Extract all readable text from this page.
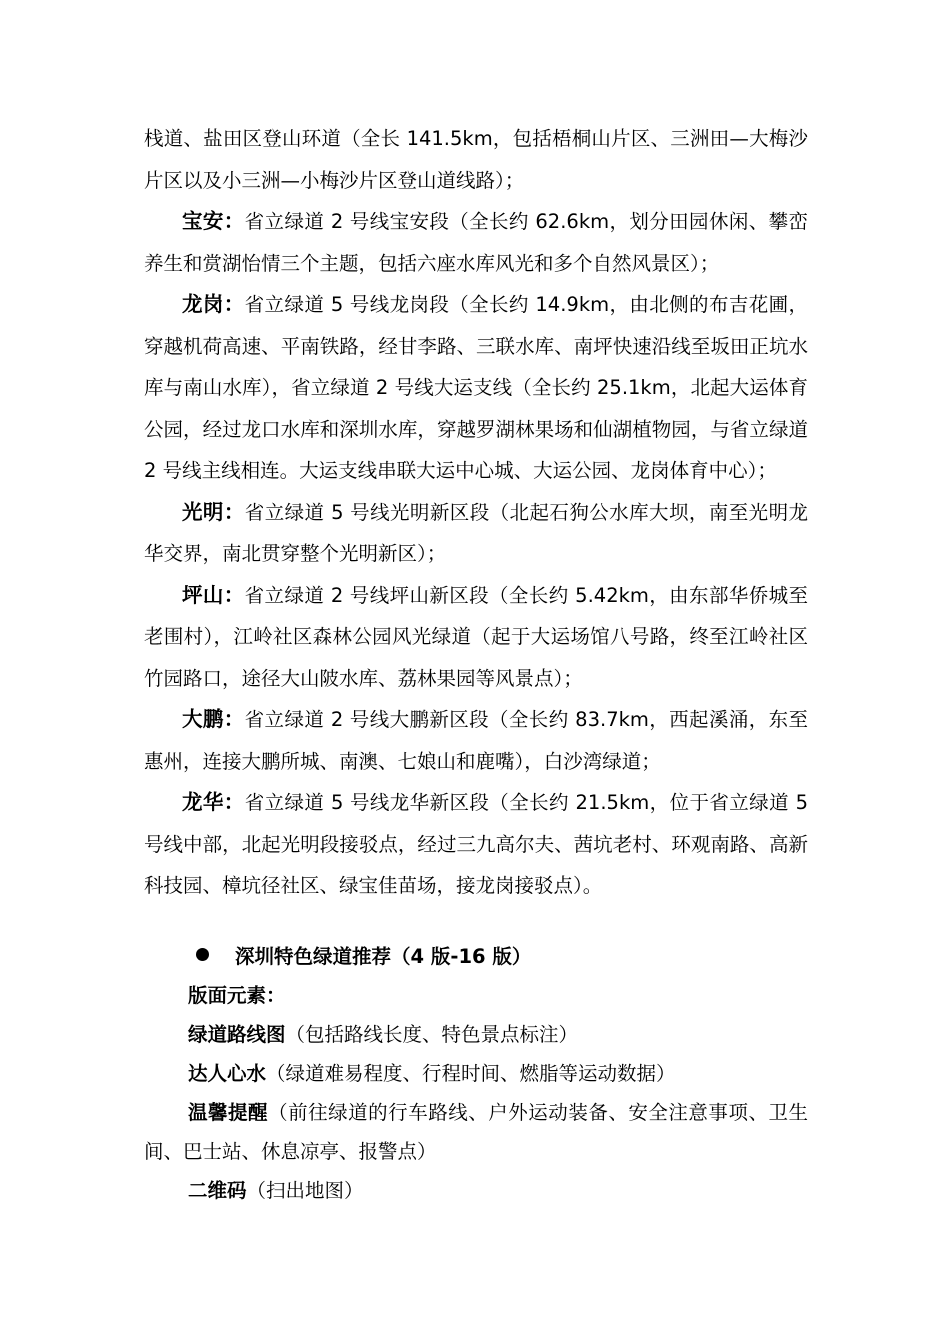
栈道、盐田区登山环道（全长 141.5km，包括梧桐山片区、三洲田—大梅沙片区以及小三洲—小梅沙片区登山道线路）；

宝安：省立绿道 2 号线宝安段（全长约 62.6km，划分田园休闲、攀峦养生和赏湖怡情三个主题，包括六座水库风光和多个自然风景区）；

龙岗：省立绿道 5 号线龙岗段（全长约 14.9km，由北侧的布吉花圃，穿越机荷高速、平南铁路，经甘李路、三联水库、南坪快速沿线至坂田正坑水库与南山水库），省立绿道 2 号线大运支线（全长约 25.1km，北起大运体育公园，经过龙口水库和深圳水库，穿越罗湖林果场和仙湖植物园，与省立绿道 2 号线主线相连。大运支线串联大运中心城、大运公园、龙岗体育中心）；

光明：省立绿道 5 号线光明新区段（北起石狗公水库大坝，南至光明龙华交界，南北贯穿整个光明新区）；

坪山：省立绿道 2 号线坪山新区段（全长约 5.42km，由东部华侨城至老围村），江岭社区森林公园风光绿道（起于大运场馆八号路，终至江岭社区竹园路口，途径大山陂水库、荔林果园等风景点）；

大鹏：省立绿道 2 号线大鹏新区段（全长约 83.7km，西起溪涌，东至惠州，连接大鹏所城、南澳、七娘山和鹿嘴），白沙湾绿道；

龙华：省立绿道 5 号线龙华新区段（全长约 21.5km，位于省立绿道 5 号线中部，北起光明段接驳点，经过三九高尔夫、茜坑老村、环观南路、高新科技园、樟坑径社区、绿宝佳苗场，接龙岗接驳点）。

深圳特色绿道推荐（4 版-16 版）

版面元素：

绿道路线图（包括路线长度、特色景点标注）

达人心水（绿道难易程度、行程时间、燃脂等运动数据）

温馨提醒（前往绿道的行车路线、户外运动装备、安全注意事项、卫生间、巴士站、休息凉亭、报警点）

二维码（扫出地图）
